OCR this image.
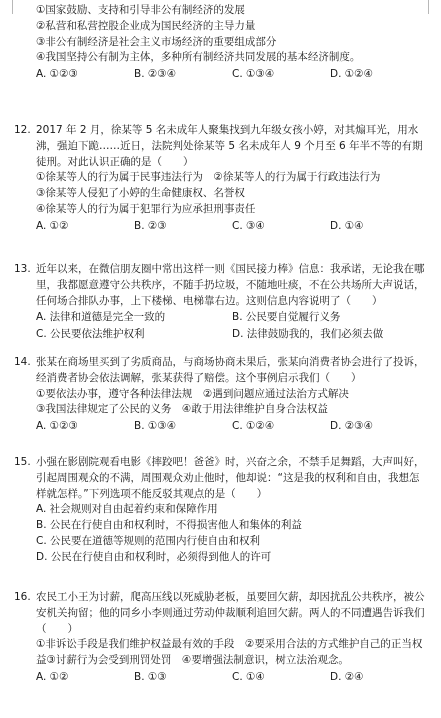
①国家鼓励、支持和引导非公有制经济的发展

②私营和私营控股企业成为国民经济的主导力量

③非公有制经济是社会主义市场经济的重要组成部分

④我国坚持公有制为主体，多种所有制经济共同发展的基本经济制度。

A. ①②③	B. ②③④	C. ①③④	D. ①②④

12. 2017 年 2 月，徐某等 5 名未成年人聚集找到九年级女孩小婷，对其煽耳光，用水沸，强迫下跪……近日，法院判处徐某等 5 名未成年人 9 个月至 6 年半不等的有期徒刑。对此认识正确的是（　　）

①徐某等人的行为属于民事违法行为　②徐某等人的行为属于行政违法行为

③徐某等人侵犯了小婷的生命健康权、名誉权

④徐某等人的行为属于犯罪行为应承担刑事责任

A. ①②	B. ②③	C. ③④	D. ①④

13. 近年以来，在微信朋友圈中常出这样一则《国民接力棒》信息：我承诺，无论我在哪里，我都愿意遵守公共秩序，不随手扔垃圾，不随地吐痰，不在公共场所大声说话，任何场合排队办事，上下楼梯、电梯靠右边。这则信息内容说明了（　　）

A. 法律和道德是完全一致的	B. 公民要自觉履行义务
C. 公民要依法维护权利	D. 法律鼓励我的，我们必须去做

14. 张某在商场里买到了劣质商品，与商场协商未果后，张某向消费者协会进行了投诉，经消费者协会依法调解，张某获得了赔偿。这个事例启示我们（　　）

①要依法办事，遵守各种法律法规　②遇到问题应通过法治方式解决

③我国法律规定了公民的义务　④敢于用法律维护自身合法权益

A. ①②③	B. ①③④	C. ①②④	D. ②③④

15. 小强在影剧院观看电影《摔跤吧！爸爸》时，兴奋之余，不禁手足舞蹈，大声叫好，引起周围观众的不满，周围观众劝止他时，他却说：“这是我的权利和自由，我想怎样就怎样。”下列选项不能反驳其观点的是（　　）

A. 社会规则对自由起着约束和保障作用

B. 公民在行使自由和权利时，不得损害他人和集体的利益

C. 公民要在道德等规则的范围内行使自由和权利

D. 公民在行使自由和权利时，必须得到他人的许可

16. 农民工小王为讨薪，爬高压线以死威胁老板，虽要回欠薪，却因扰乱公共秩序，被公安机关拘留；他的同乡小李则通过劳动仲裁顺利追回欠薪。两人的不同遭遇告诉我们（　　）

①非诉讼手段是我们维护权益最有效的手段　②要采用合法的方式维护自己的正当权益③讨薪行为会受到刑罚处罚　④要增强法制意识，树立法治观念。

A. ①②	B. ①③	C. ①④	D. ②④
